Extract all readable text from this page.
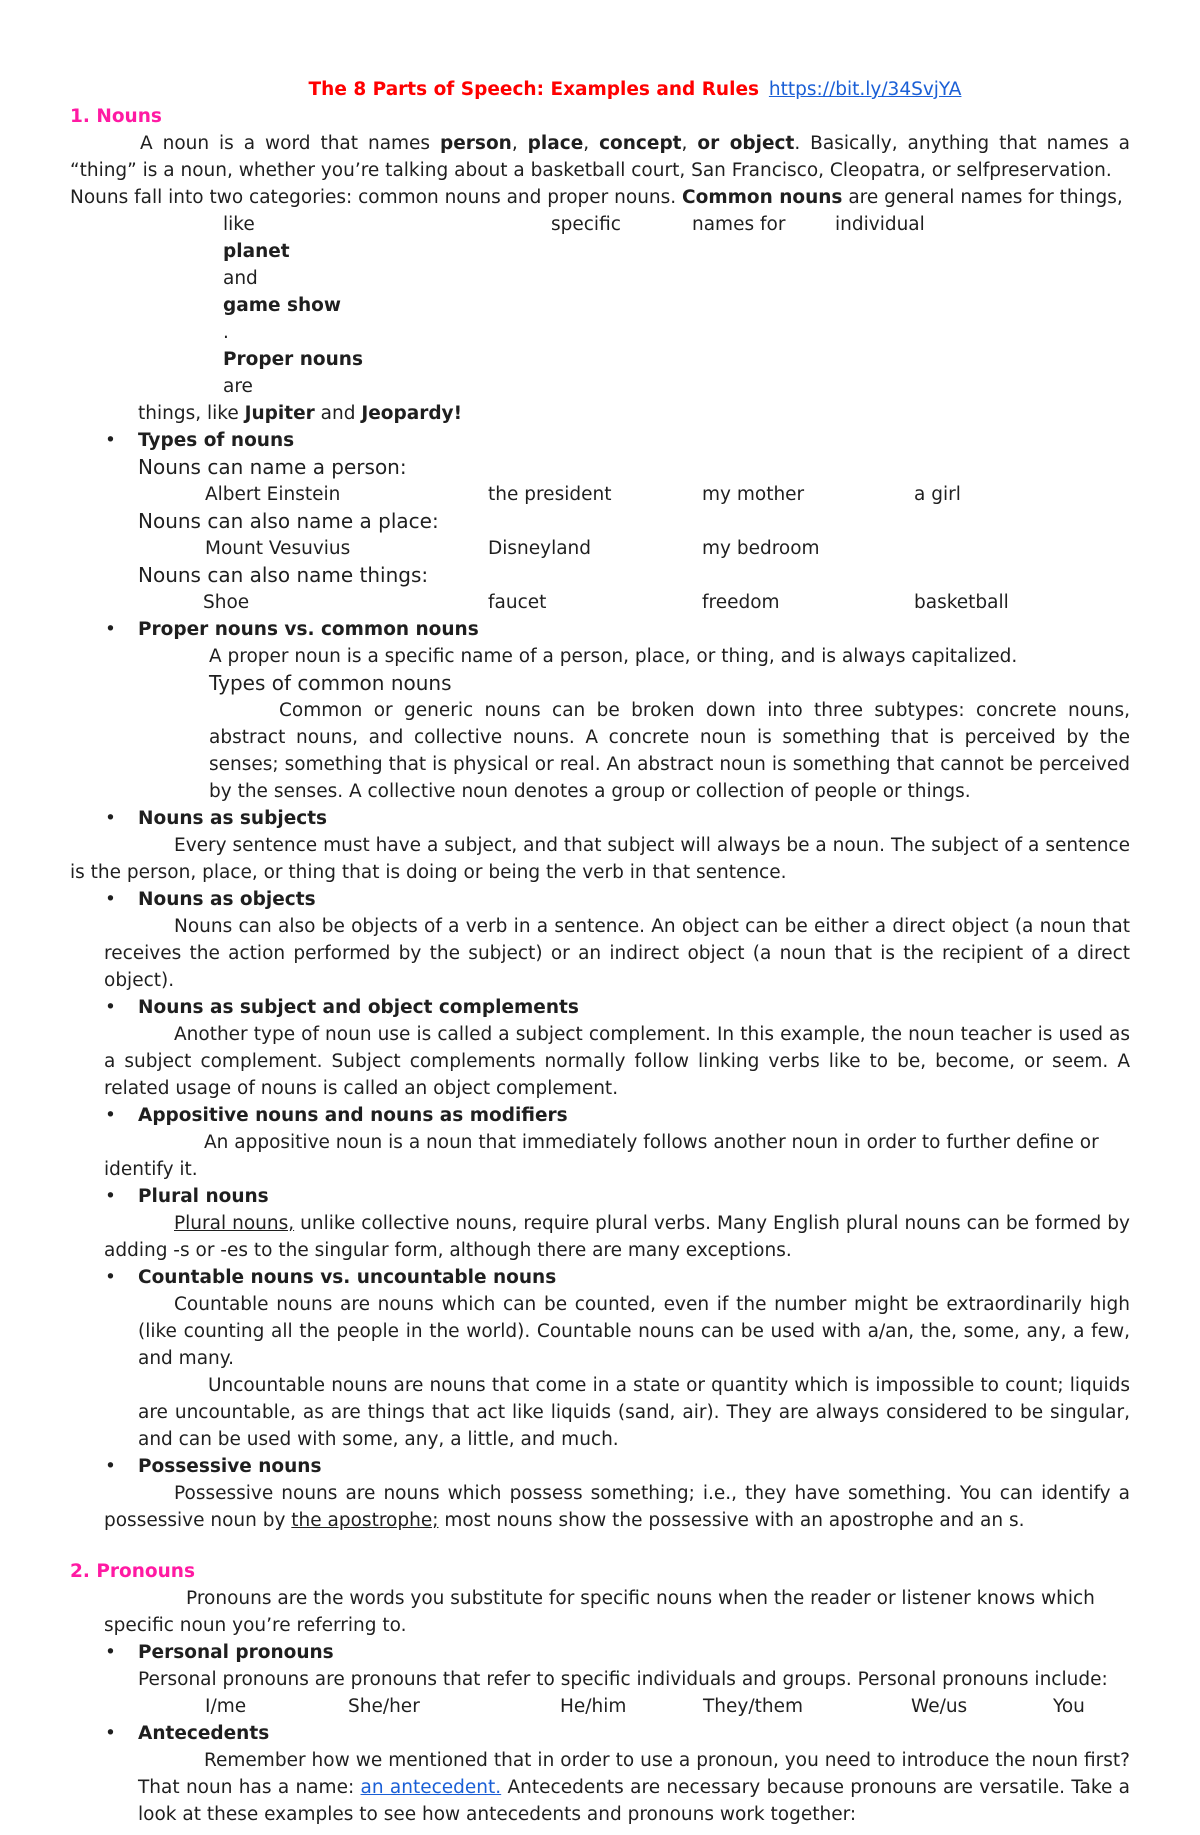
The 8 Parts of Speech: Examples and Rules https://bit.ly/34SvjYA

1. Nouns

A noun is a word that names person, place, concept, or object. Basically, anything that names a “thing” is a noun, whether you’re talking about a basketball court, San Francisco, Cleopatra, or selfpreservation.

Nouns fall into two categories: common nouns and proper nouns. Common nouns are general names for things,

like
planet
and
game show
.
Proper nouns
are
specific	names for	individual

things, like Jupiter and Jeopardy!

• Types of nouns

Nouns can name a person:

Albert Einstein	the president	my mother	a girl

Nouns can also name a place:

Mount Vesuvius	Disneyland	my bedroom

Nouns can also name things:

Shoe	faucet	freedom	basketball
• Proper nouns vs. common nouns

A proper noun is a specific name of a person, place, or thing, and is always capitalized.

Types of common nouns

Common or generic nouns can be broken down into three subtypes: concrete nouns, abstract nouns, and collective nouns. A concrete noun is something that is perceived by the senses; something that is physical or real. An abstract noun is something that cannot be perceived by the senses. A collective noun denotes a group or collection of people or things.

• Nouns as subjects

Every sentence must have a subject, and that subject will always be a noun. The subject of a sentence is the person, place, or thing that is doing or being the verb in that sentence.

• Nouns as objects

Nouns can also be objects of a verb in a sentence. An object can be either a direct object (a noun that receives the action performed by the subject) or an indirect object (a noun that is the recipient of a direct object).

• Nouns as subject and object complements

Another type of noun use is called a subject complement. In this example, the noun teacher is used as a subject complement. Subject complements normally follow linking verbs like to be, become, or seem. A related usage of nouns is called an object complement.

• Appositive nouns and nouns as modifiers

An appositive noun is a noun that immediately follows another noun in order to further define or identify it.

• Plural nouns

Plural nouns, unlike collective nouns, require plural verbs. Many English plural nouns can be formed by adding -s or -es to the singular form, although there are many exceptions.

• Countable nouns vs. uncountable nouns

Countable nouns are nouns which can be counted, even if the number might be extraordinarily high (like counting all the people in the world). Countable nouns can be used with a/an, the, some, any, a few, and many.

Uncountable nouns are nouns that come in a state or quantity which is impossible to count; liquids are uncountable, as are things that act like liquids (sand, air). They are always considered to be singular, and can be used with some, any, a little, and much.

• Possessive nouns

Possessive nouns are nouns which possess something; i.e., they have something. You can identify a possessive noun by the apostrophe; most nouns show the possessive with an apostrophe and an s.

2. Pronouns

Pronouns are the words you substitute for specific nouns when the reader or listener knows which specific noun you’re referring to.

• Personal pronouns

Personal pronouns are pronouns that refer to specific individuals and groups. Personal pronouns include:

I/me	She/her	He/him	They/them	We/us	You
• Antecedents

Remember how we mentioned that in order to use a pronoun, you need to introduce the noun first? That noun has a name: an antecedent. Antecedents are necessary because pronouns are versatile. Take a look at these examples to see how antecedents and pronouns work together:
